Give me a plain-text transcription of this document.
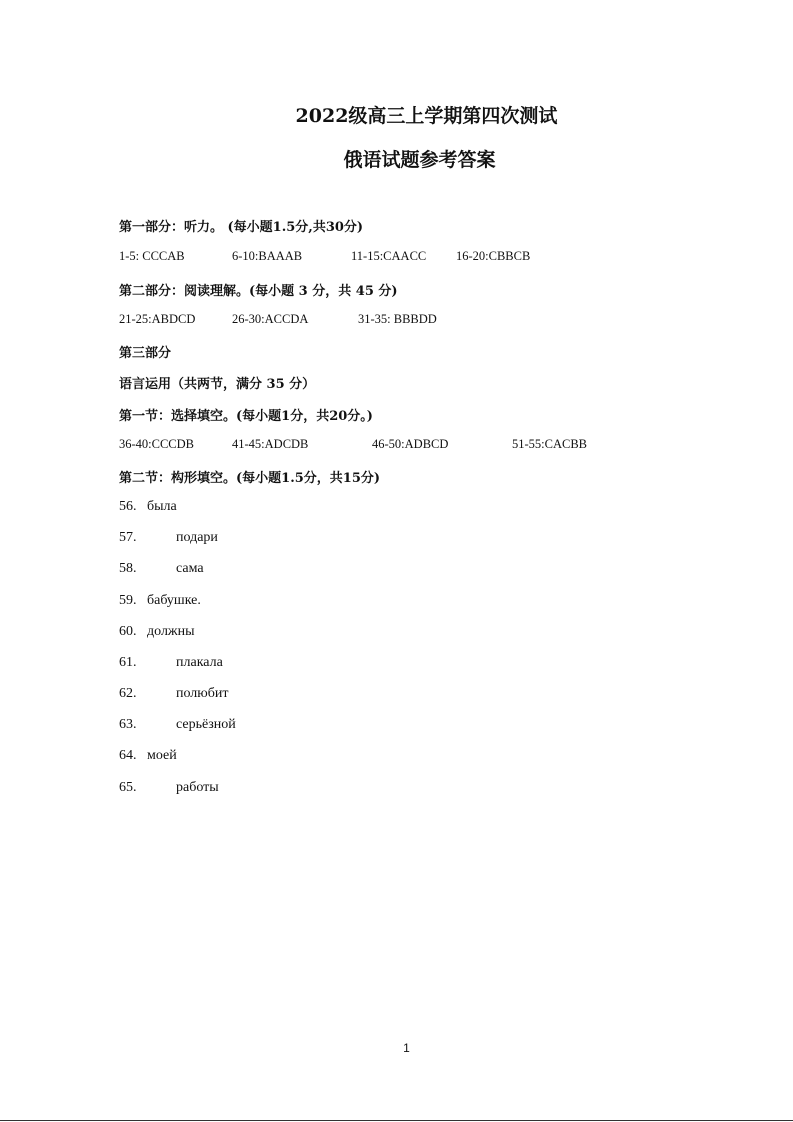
2022级高三上学期第四次测试
俄语试题参考答案
第一部分：听力。 (每小题1.5分,共30分)
1-5: CCCAB	6-10:BAAAB	11-15:CAACC 16-20:CBBCB
第二部分：阅读理解。(每小题 3 分，共 45 分)
21-25:ABDCD	26-30:ACCDA	31-35: BBBDD
第三部分
语言运用（共两节，满分 35 分）
第一节：选择填空。(每小题1分，共20分。)
36-40:CCCDB	41-45:ADCDB	46-50:ADBCD	51-55:CACBB
第二节：构形填空。(每小题1.5分，共15分)
56. была
57.	подари
58.	сама
59. бабушке.
60. должны
61.	плакала
62.	полюбит
63.	серьёзной
64. моей
65.	работы
1
